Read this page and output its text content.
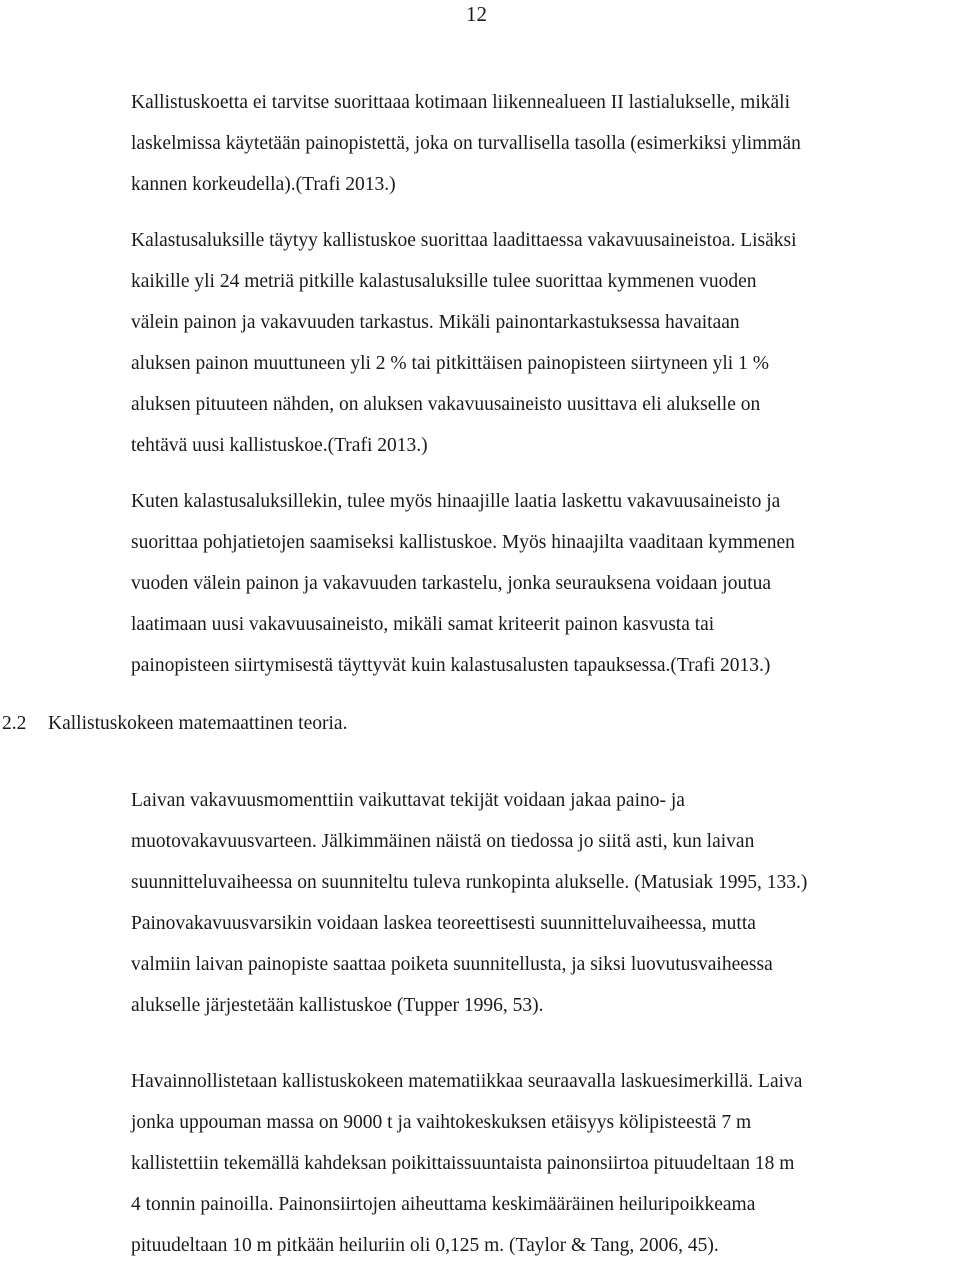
12
Kallistuskoetta ei tarvitse suorittaaa kotimaan liikennealueen II lastialukselle, mikäli
laskelmissa käytetään painopistettä, joka on turvallisella tasolla (esimerkiksi ylimmän
kannen korkeudella).(Trafi 2013.)
Kalastusaluksille täytyy kallistuskoe suorittaa laadittaessa vakavuusaineistoa. Lisäksi
kaikille yli 24 metriä pitkille kalastusaluksille tulee suorittaa kymmenen vuoden
välein painon ja vakavuuden tarkastus. Mikäli painontarkastuksessa havaitaan
aluksen painon muuttuneen yli 2 % tai pitkittäisen painopisteen siirtyneen yli 1 %
aluksen pituuteen nähden, on aluksen vakavuusaineisto uusittava eli alukselle on
tehtävä uusi kallistuskoe.(Trafi 2013.)
Kuten kalastusaluksillekin, tulee myös hinaajille laatia laskettu vakavuusaineisto ja
suorittaa pohjatietojen saamiseksi kallistuskoe. Myös hinaajilta vaaditaan kymmenen
vuoden välein painon ja vakavuuden tarkastelu, jonka seurauksena voidaan joutua
laatimaan uusi vakavuusaineisto, mikäli samat kriteerit painon kasvusta tai
painopisteen siirtymisestä täyttyvät kuin kalastusalusten tapauksessa.(Trafi 2013.)
2.2 Kallistuskokeen matemaattinen teoria.
Laivan vakavuusmomenttiin vaikuttavat tekijät voidaan jakaa paino- ja
muotovakavuusvarteen. Jälkimmäinen näistä on tiedossa jo siitä asti, kun laivan
suunnitteluvaiheessa on suunniteltu tuleva runkopinta alukselle. (Matusiak 1995, 133.)
Painovakavuusvarsikin voidaan laskea teoreettisesti suunnitteluvaiheessa, mutta
valmiin laivan painopiste saattaa poiketa suunnitellusta, ja siksi luovutusvaiheessa
alukselle järjestetään kallistuskoe (Tupper 1996, 53).
Havainnollistetaan kallistuskokeen matematiikkaa seuraavalla laskuesimerkillä. Laiva
jonka uppouman massa on 9000 t ja vaihtokeskuksen etäisyys kölipisteestä 7 m
kallistettiin tekemällä kahdeksan poikittaissuuntaista painonsiirtoa pituudeltaan 18 m
4 tonnin painoilla. Painonsiirtojen aiheuttama keskimääräinen heiluripoikkeama
pituudeltaan 10 m pitkään heiluriin oli 0,125 m. (Taylor & Tang, 2006, 45).
